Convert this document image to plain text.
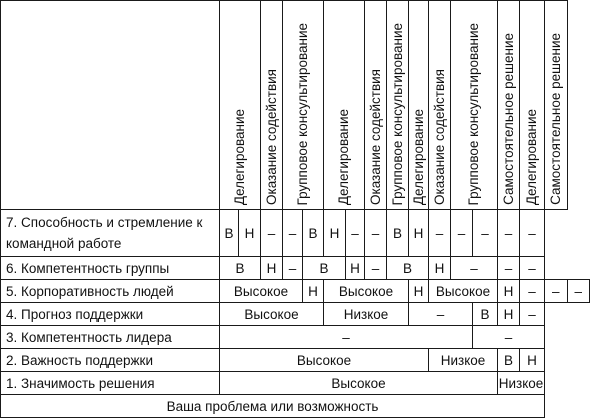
	Делегирование		Оказание содействия	Групповое консультирование		Делегирование		Оказание содействия	Групповое консультирование	Делегирование	Оказание содействия	Групповое консультирование		Самостоятельное решение	Делегирование	Самостоятельное решение	

7. Способность и стремление к командной работе	В	Н	–	–	В	Н	–	–	В	Н	–	–	–	–	–		
6. Компетентность группы	В		Н	–	В		Н	–	В		Н	–		–	–		
5. Корпоративность людей	Высокое				Н	Высокое				Н	Высокое			Н	–	–	–
4. Прогноз поддержки	Высокое					Низкое				–			В	Н	–		
3. Компетентность лидера	–												–				
2. Важность поддержки	Высокое										Низкое			В	Н		
1. Значимость решения	Высокое													Низкое			
Ваша проблема или возможность																	
